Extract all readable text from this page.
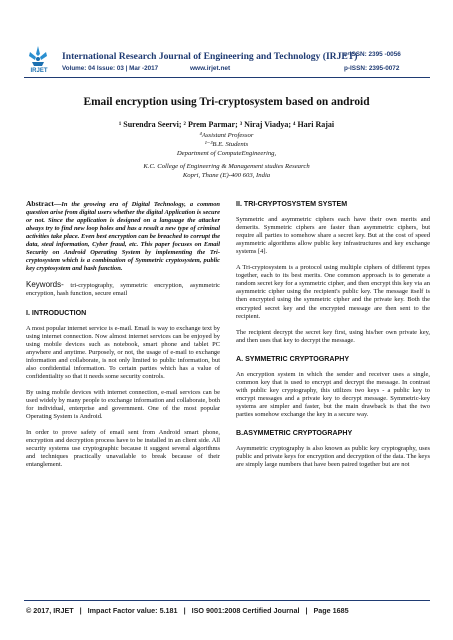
IRJET
International Research Journal of Engineering and Technology (IRJET)
Volume: 04 Issue: 03 | Mar -2017	www.irjet.net
e-ISSN: 2395 -0056
p-ISSN: 2395-0072
Email encryption using Tri-cryptosystem based on android
¹ Surendra Seervi; ² Prem Parmar; ³ Niraj Viadya; ⁴ Hari Rajai
⁴Assistant Professor
¹⁻³B.E. Students
Department of ComputeEngineering,
K.C. College of Engineering & Management studies Research
Kopri, Thane (E)-400 603, India

Abstract—In the growing era of Digital Technology, a common question arise from digital users whether the digital Application is secure or not. Since the application is designed on a language the attacker always try to find new loop holes and has a result a new type of criminal activities take place. Even best encryption can be breached to corrupt the data, steal information, Cyber fraud, etc. This paper focuses on Email Security on Android Operating System by implementing the Tri-cryptosystem which is a combination of Symmetric cryptosystem, public key cryptosystem and hash function.

Keywords- tri-cryptography, symmetric encryption, asymmetric encryption, hash function, secure email

I. INTRODUCTION

A most popular internet service is e-mail. Email is way to exchange text by using internet connection. Now almost internet services can be enjoyed by using mobile devices such as notebook, smart phone and tablet PC anywhere and anytime. Purposely, or not, the usage of e-mail to exchange information and collaborate, is not only limited to public information, but also confidential information. To certain parties which has a value of confidentiality so that it needs some security controls.

By using mobile devices with internet connection, e-mail services can be used widely by many people to exchange information and collaborate, both for individual, enterprise and government. One of the most popular Operating System is Android.

In order to prove safety of email sent from Android smart phone, encryption and decryption process have to be installed in an client side. All security systems use cryptographic because it suggest several algorithms and techniques practically unavailable to break because of their entanglement.

II. TRI-CRYPTOSYSTEM SYSTEM

Symmetric and asymmetric ciphers each have their own merits and demerits. Symmetric ciphers are faster than asymmetric ciphers, but require all parties to somehow share a secret key. But at the cost of speed asymmetric algorithms allow public key infrastructures and key exchange systems [4].

A Tri-cryptosystem is a protocol using multiple ciphers of different types together, each to its best merits. One common approach is to generate a random secret key for a symmetric cipher, and then encrypt this key via an asymmetric cipher using the recipient's public key. The message itself is then encrypted using the symmetric cipher and the private key. Both the encrypted secret key and the encrypted message are then sent to the recipient.

The recipient decrypt the secret key first, using his/her own private key, and then uses that key to decrypt the message.

A. SYMMETRIC CRYPTOGRAPHY

An encryption system in which the sender and receiver uses a single, common key that is used to encrypt and decrypt the message. In contrast with public key cryptography, this utilizes two keys - a public key to encrypt messages and a private key to decrypt message. Symmetric-key systems are simpler and faster, but the main drawback is that the two parties somehow exchange the key in a secure way.

B.ASYMMETRIC CRYPTOGRAPHY

Asymmetric cryptography is also known as public key cryptography, uses public and private keys for encryption and decryption of the data. The keys are simply large numbers that have been paired together but are not

© 2017, IRJET | Impact Factor value: 5.181 | ISO 9001:2008 Certified Journal | Page 1685
